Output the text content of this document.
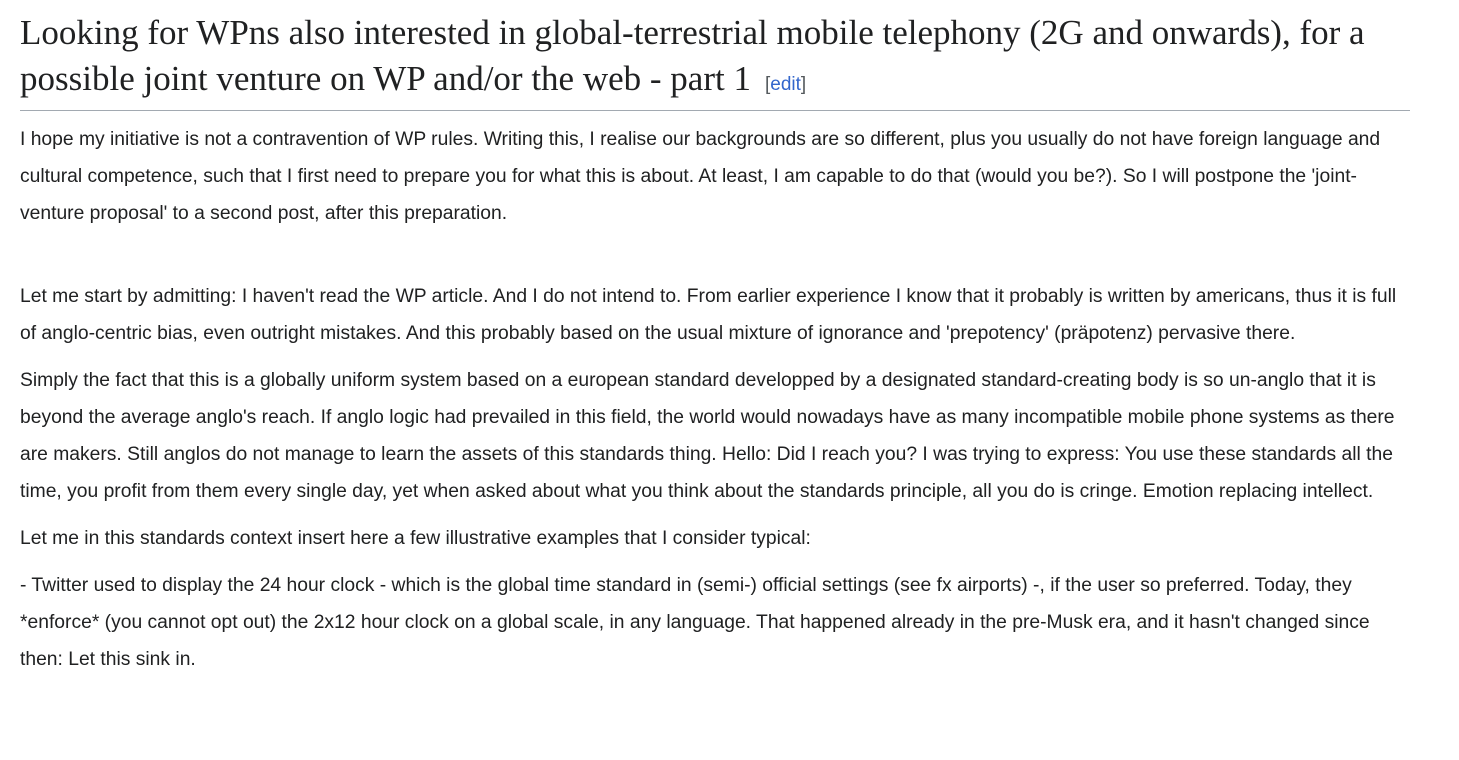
Looking for WPns also interested in global-terrestrial mobile telephony (2G and onwards), for a possible joint venture on WP and/or the web - part 1 [edit]

I hope my initiative is not a contravention of WP rules. Writing this, I realise our backgrounds are so different, plus you usually do not have foreign language and cultural competence, such that I first need to prepare you for what this is about. At least, I am capable to do that (would you be?). So I will postpone the 'joint-venture proposal' to a second post, after this preparation.

Let me start by admitting: I haven't read the WP article. And I do not intend to. From earlier experience I know that it probably is written by americans, thus it is full of anglo-centric bias, even outright mistakes. And this probably based on the usual mixture of ignorance and 'prepotency' (präpotenz) pervasive there.

Simply the fact that this is a globally uniform system based on a european standard developped by a designated standard-creating body is so un-anglo that it is beyond the average anglo's reach. If anglo logic had prevailed in this field, the world would nowadays have as many incompatible mobile phone systems as there are makers. Still anglos do not manage to learn the assets of this standards thing. Hello: Did I reach you? I was trying to express: You use these standards all the time, you profit from them every single day, yet when asked about what you think about the standards principle, all you do is cringe. Emotion replacing intellect.

Let me in this standards context insert here a few illustrative examples that I consider typical:

- Twitter used to display the 24 hour clock - which is the global time standard in (semi-) official settings (see fx airports) -, if the user so preferred. Today, they *enforce* (you cannot opt out) the 2x12 hour clock on a global scale, in any language. That happened already in the pre-Musk era, and it hasn't changed since then: Let this sink in.
